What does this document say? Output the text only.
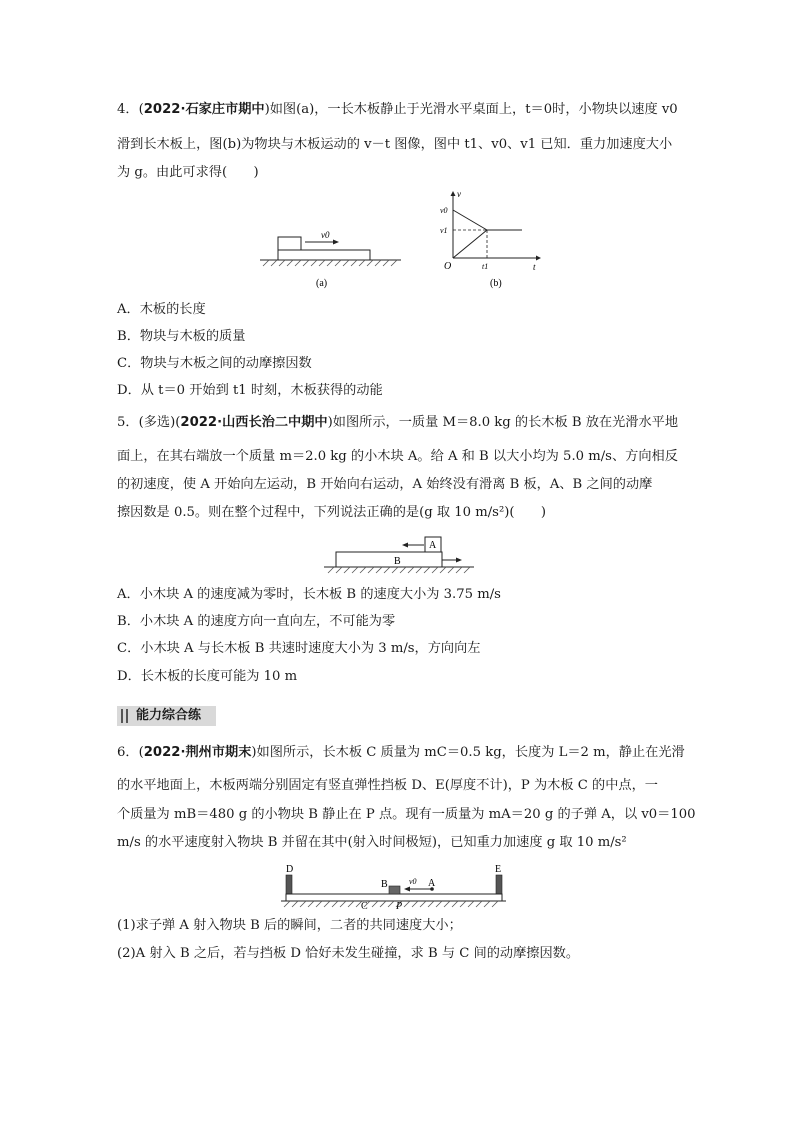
4．(2022·石家庄市期中)如图(a)，一长木板静止于光滑水平桌面上，t＝0时，小物块以速度 v0
滑到长木板上，图(b)为物块与木板运动的 v－t 图像，图中 t1、v0、v1 已知．重力加速度大小
为 g。由此可求得(　　)
v0
(a)
v
t
O
v0
v1
t1
(b)
A．木板的长度
B．物块与木板的质量
C．物块与木板之间的动摩擦因数
D．从 t＝0 开始到 t1 时刻，木板获得的动能
5．(多选)(2022·山西长治二中期中)如图所示，一质量 M＝8.0 kg 的长木板 B 放在光滑水平地
面上，在其右端放一个质量 m＝2.0 kg 的小木块 A。给 A 和 B 以大小均为 5.0 m/s、方向相反
的初速度，使 A 开始向左运动，B 开始向右运动，A 始终没有滑离 B 板，A、B 之间的动摩
擦因数是 0.5。则在整个过程中，下列说法正确的是(g 取 10 m/s²)(　　)
A
B
A．小木块 A 的速度减为零时，长木板 B 的速度大小为 3.75 m/s
B．小木块 A 的速度方向一直向左，不可能为零
C．小木块 A 与长木板 B 共速时速度大小为 3 m/s，方向向左
D．长木板的长度可能为 10 m
能力综合练
6．(2022·荆州市期末)如图所示，长木板 C 质量为 mC＝0.5 kg，长度为 L＝2 m，静止在光滑
的水平地面上，木板两端分别固定有竖直弹性挡板 D、E(厚度不计)，P 为木板 C 的中点，一
个质量为 mB＝480 g 的小物块 B 静止在 P 点。现有一质量为 mA＝20 g 的子弹 A，以 v0＝100
m/s 的水平速度射入物块 B 并留在其中(射入时间极短)，已知重力加速度 g 取 10 m/s²
D	E
B
C	P
A
v0
(1)求子弹 A 射入物块 B 后的瞬间，二者的共同速度大小；
(2)A 射入 B 之后，若与挡板 D 恰好未发生碰撞，求 B 与 C 间的动摩擦因数。
